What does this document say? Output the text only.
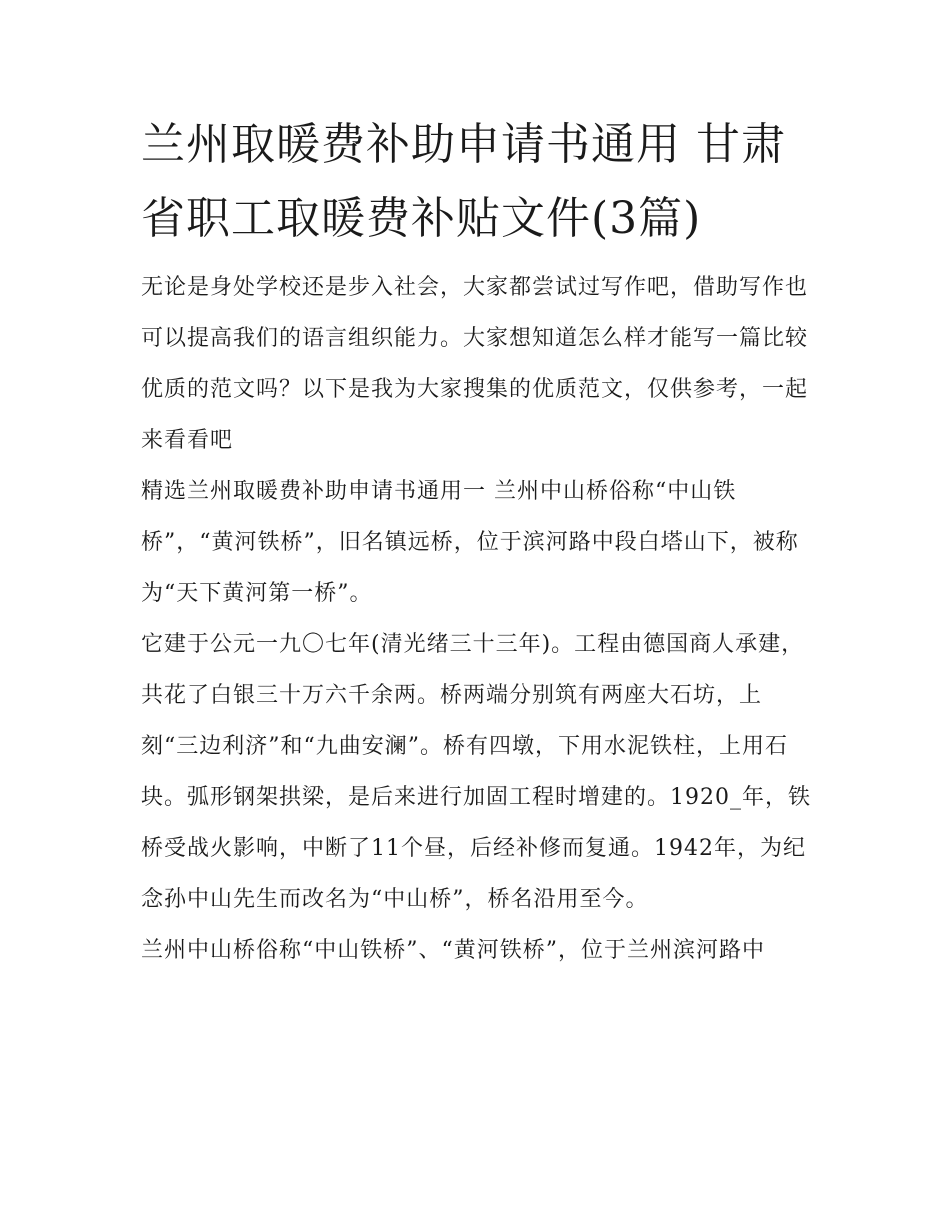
兰州取暖费补助申请书通用 甘肃省职工取暖费补贴文件(3篇)

无论是身处学校还是步入社会，大家都尝试过写作吧，借助写作也可以提高我们的语言组织能力。大家想知道怎么样才能写一篇比较优质的范文吗？以下是我为大家搜集的优质范文，仅供参考，一起来看看吧

精选兰州取暖费补助申请书通用一 兰州中山桥俗称“中山铁桥”，“黄河铁桥”，旧名镇远桥，位于滨河路中段白塔山下，被称为“天下黄河第一桥”。

它建于公元一九〇七年(清光绪三十三年)。工程由德国商人承建，共花了白银三十万六千余两。桥两端分别筑有两座大石坊，上刻“三边利济”和“九曲安澜”。桥有四墩，下用水泥铁柱，上用石块。弧形钢架拱梁，是后来进行加固工程时增建的。1920_年，铁桥受战火影响，中断了11个昼，后经补修而复通。1942年，为纪念孙中山先生而改名为“中山桥”，桥名沿用至今。

兰州中山桥俗称“中山铁桥”、“黄河铁桥”，位于兰州滨河路中
